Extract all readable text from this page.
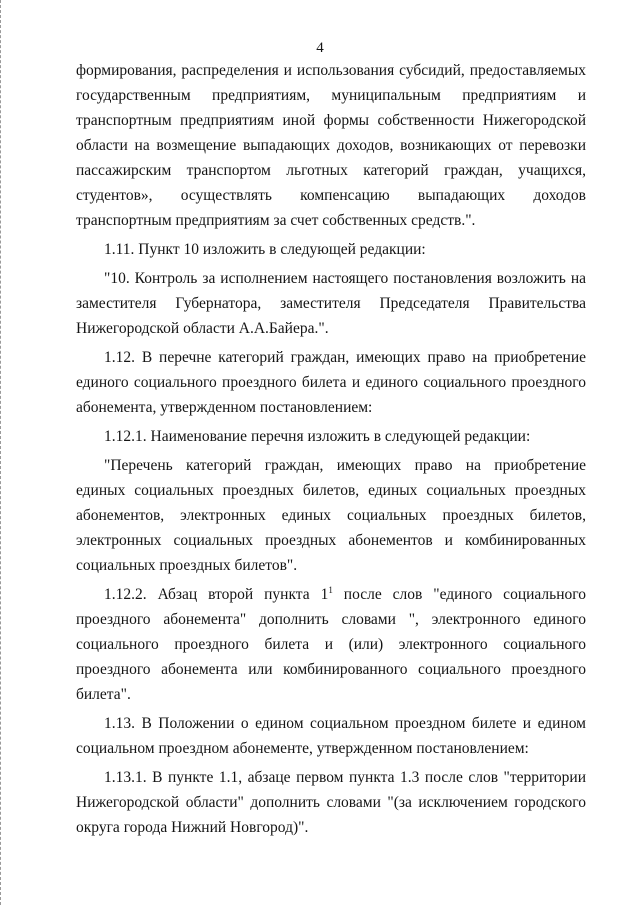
4
формирования, распределения и использования субсидий, предоставляемых
государственным предприятиям, муниципальным предприятиям и
транспортным предприятиям иной формы собственности Нижегородской
области на возмещение выпадающих доходов, возникающих от перевозки
пассажирским транспортом льготных категорий граждан, учащихся,
студентов», осуществлять компенсацию выпадающих доходов
транспортным предприятиям за счет собственных средств.".
1.11. Пункт 10 изложить в следующей редакции:
"10. Контроль за исполнением настоящего постановления возложить на
заместителя Губернатора, заместителя Председателя Правительства
Нижегородской области А.А.Байера.".
1.12. В перечне категорий граждан, имеющих право на приобретение
единого социального проездного билета и единого социального проездного
абонемента, утвержденном постановлением:
1.12.1. Наименование перечня изложить в следующей редакции:
"Перечень категорий граждан, имеющих право на приобретение
единых социальных проездных билетов, единых социальных проездных
абонементов, электронных единых социальных проездных билетов,
электронных социальных проездных абонементов и комбинированных
социальных проездных билетов".
1.12.2. Абзац второй пункта $1^1$ после слов "единого социального
проездного абонемента" дополнить словами ", электронного единого
социального проездного билета и (или) электронного социального
проездного абонемента или комбинированного социального проездного
билета".
1.13. В Положении о едином социальном проездном билете и едином
социальном проездном абонементе, утвержденном постановлением:
1.13.1. В пункте 1.1, абзаце первом пункта 1.3 после слов "территории
Нижегородской области" дополнить словами "(за исключением городского
округа города Нижний Новгород)".
